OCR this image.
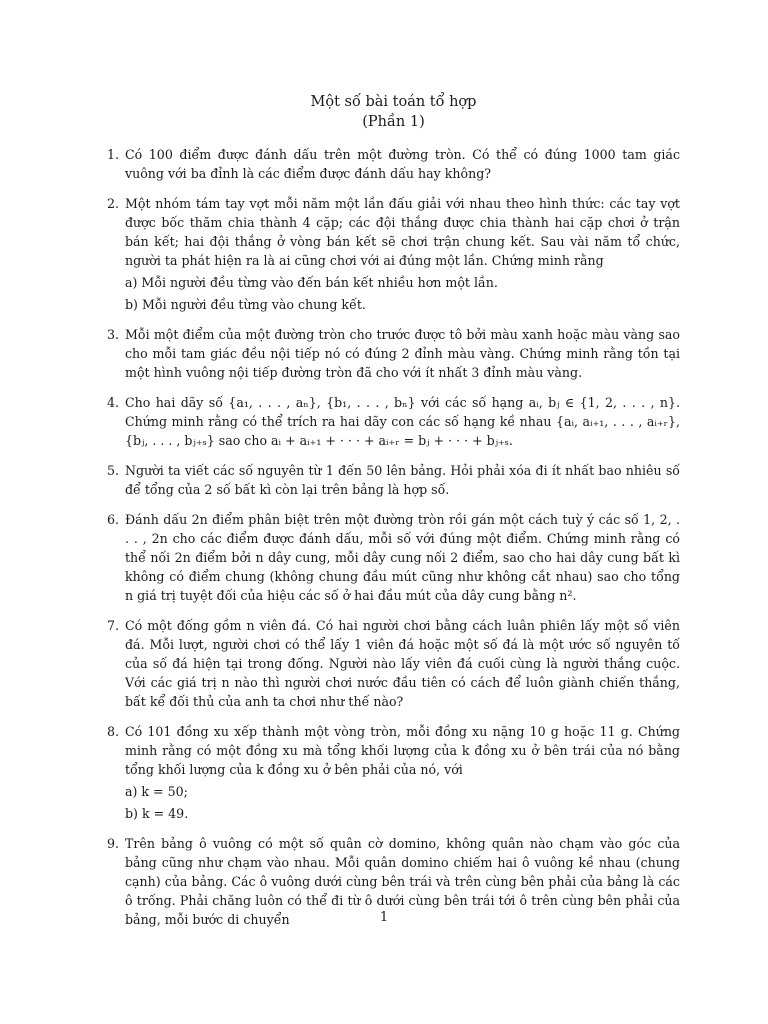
Một số bài toán tổ hợp
(Phần 1)
1. Có 100 điểm được đánh dấu trên một đường tròn. Có thể có đúng 1000 tam giác vuông với ba đỉnh là các điểm được đánh dấu hay không?
2. Một nhóm tám tay vợt mỗi năm một lần đấu giải với nhau theo hình thức: các tay vợt được bốc thăm chia thành 4 cặp; các đội thắng được chia thành hai cặp chơi ở trận bán kết; hai đội thắng ở vòng bán kết sẽ chơi trận chung kết. Sau vài năm tổ chức, người ta phát hiện ra là ai cũng chơi với ai đúng một lần. Chứng minh rằng

a) Mỗi người đều từng vào đến bán kết nhiều hơn một lần.

b) Mỗi người đều từng vào chung kết.

3. Mỗi một điểm của một đường tròn cho trước được tô bởi màu xanh hoặc màu vàng sao cho mỗi tam giác đều nội tiếp nó có đúng 2 đỉnh màu vàng. Chứng minh rằng tồn tại một hình vuông nội tiếp đường tròn đã cho với ít nhất 3 đỉnh màu vàng.
4. Cho hai dãy số {a₁, . . . , aₙ}, {b₁, . . . , bₙ} với các số hạng aᵢ, bⱼ ∈ {1, 2, . . . , n}. Chứng minh rằng có thể trích ra hai dãy con các số hạng kề nhau {aᵢ, aᵢ₊₁, . . . , aᵢ₊ᵣ}, {bⱼ, . . . , bⱼ₊ₛ} sao cho aᵢ + aᵢ₊₁ + · · · + aᵢ₊ᵣ = bⱼ + · · · + bⱼ₊ₛ.
5. Người ta viết các số nguyên từ 1 đến 50 lên bảng. Hỏi phải xóa đi ít nhất bao nhiêu số để tổng của 2 số bất kì còn lại trên bảng là hợp số.
6. Đánh dấu 2n điểm phân biệt trên một đường tròn rồi gán một cách tuỳ ý các số 1, 2, . . . , 2n cho các điểm được đánh dấu, mỗi số với đúng một điểm. Chứng minh rằng có thể nối 2n điểm bởi n dây cung, mỗi dây cung nối 2 điểm, sao cho hai dây cung bất kì không có điểm chung (không chung đầu mút cũng như không cắt nhau) sao cho tổng n giá trị tuyệt đối của hiệu các số ở hai đầu mút của dây cung bằng n².
7. Có một đống gồm n viên đá. Có hai người chơi bằng cách luân phiên lấy một số viên đá. Mỗi lượt, người chơi có thể lấy 1 viên đá hoặc một số đá là một ước số nguyên tố của số đá hiện tại trong đống. Người nào lấy viên đá cuối cùng là người thắng cuộc. Với các giá trị n nào thì người chơi nước đầu tiên có cách để luôn giành chiến thắng, bất kể đối thủ của anh ta chơi như thế nào?
8. Có 101 đồng xu xếp thành một vòng tròn, mỗi đồng xu nặng 10 g hoặc 11 g. Chứng minh rằng có một đồng xu mà tổng khối lượng của k đồng xu ở bên trái của nó bằng tổng khối lượng của k đồng xu ở bên phải của nó, với

a) k = 50;

b) k = 49.

9. Trên bảng ô vuông có một số quân cờ domino, không quân nào chạm vào góc của bảng cũng như chạm vào nhau. Mỗi quân domino chiếm hai ô vuông kề nhau (chung cạnh) của bảng. Các ô vuông dưới cùng bên trái và trên cùng bên phải của bảng là các ô trống. Phải chăng luôn có thể đi từ ô dưới cùng bên trái tới ô trên cùng bên phải của bảng, mỗi bước di chuyển	1
